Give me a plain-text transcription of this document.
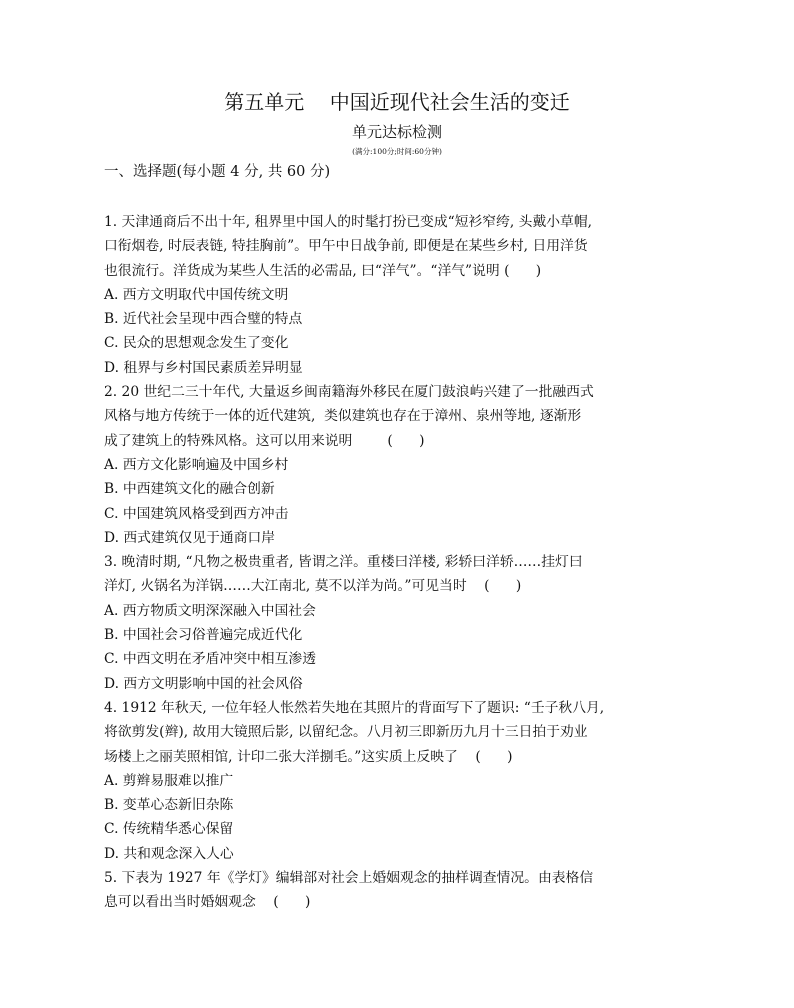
第五单元    中国近现代社会生活的变迁
单元达标检测
(满分:100分;时间:60分钟)
一、选择题(每小题 4 分, 共 60 分)
1. 天津通商后不出十年, 租界里中国人的时髦打扮已变成“短衫窄绔, 头戴小草帽,
口衔烟卷, 时辰表链, 特挂胸前”。甲午中日战争前, 即便是在某些乡村, 日用洋货
也很流行。洋货成为某些人生活的必需品, 曰“洋气”。“洋气”说明 (      )
A. 西方文明取代中国传统文明
B. 近代社会呈现中西合璧的特点
C. 民众的思想观念发生了变化
D. 租界与乡村国民素质差异明显
2. 20 世纪二三十年代, 大量返乡闽南籍海外移民在厦门鼓浪屿兴建了一批融西式
风格与地方传统于一体的近代建筑,  类似建筑也存在于漳州、泉州等地, 逐渐形
成了建筑上的特殊风格。这可以用来说明        (      )
A. 西方文化影响遍及中国乡村
B. 中西建筑文化的融合创新
C. 中国建筑风格受到西方冲击
D. 西式建筑仅见于通商口岸
3. 晚清时期, “凡物之极贵重者, 皆谓之洋。重楼曰洋楼, 彩轿曰洋轿……挂灯曰
洋灯, 火锅名为洋锅……大江南北, 莫不以洋为尚。”可见当时    (      )
A. 西方物质文明深深融入中国社会
B. 中国社会习俗普遍完成近代化
C. 中西文明在矛盾冲突中相互渗透
D. 西方文明影响中国的社会风俗
4. 1912 年秋天, 一位年轻人怅然若失地在其照片的背面写下了题识: “壬子秋八月,
将欲剪发(辫), 故用大镜照后影, 以留纪念。八月初三即新历九月十三日拍于劝业
场楼上之丽芙照相馆, 计印二张大洋捌毛。”这实质上反映了    (      )
A. 剪辫易服难以推广
B. 变革心态新旧杂陈
C. 传统精华悉心保留
D. 共和观念深入人心
5. 下表为 1927 年《学灯》编辑部对社会上婚姻观念的抽样调查情况。由表格信
息可以看出当时婚姻观念    (      )
